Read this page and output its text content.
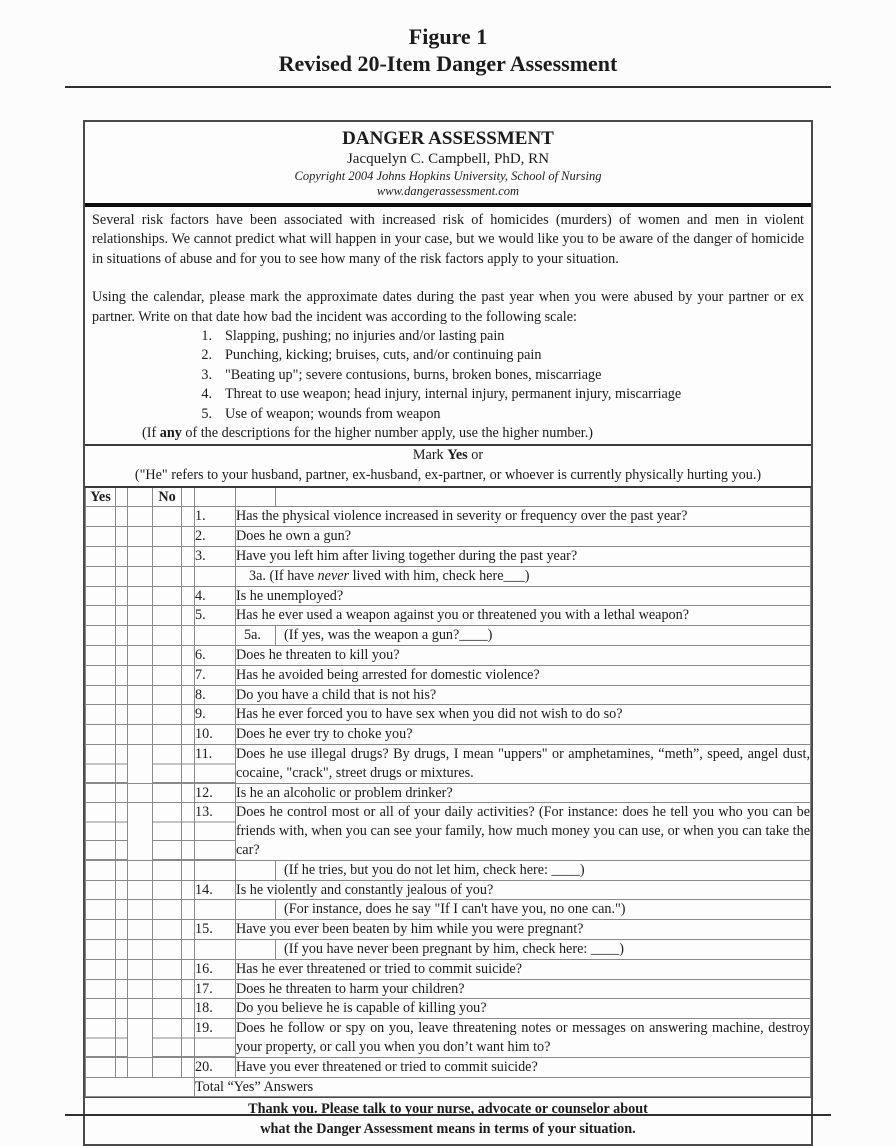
Figure 1
Revised 20-Item Danger Assessment
DANGER ASSESSMENT
Jacquelyn C. Campbell, PhD, RN
Copyright 2004 Johns Hopkins University, School of Nursing
www.dangerassessment.com

Several risk factors have been associated with increased risk of homicides (murders) of women and men in violent relationships. We cannot predict what will happen in your case, but we would like you to be aware of the danger of homicide in situations of abuse and for you to see how many of the risk factors apply to your situation.

Using the calendar, please mark the approximate dates during the past year when you were abused by your partner or ex partner. Write on that date how bad the incident was according to the following scale:

1. Slapping, pushing; no injuries and/or lasting pain
2. Punching, kicking; bruises, cuts, and/or continuing pain
3. "Beating up"; severe contusions, burns, broken bones, miscarriage
4. Threat to use weapon; head injury, internal injury, permanent injury, miscarriage
5. Use of weapon; wounds from weapon
(If any of the descriptions for the higher number apply, use the higher number.)
Mark Yes or
("He" refers to your husband, partner, ex-husband, ex-partner, or whoever is currently physically hurting you.)
Yes			No			

					1.	Has the physical violence increased in severity or frequency over the past year?
					2.	Does he own a gun?
					3.	Have you left him after living together during the past year?
						3a. (If have never lived with him, check here___)
					4.	Is he unemployed?
					5.	Has he ever used a weapon against you or threatened you with a lethal weapon?

						5a. (If yes, was the weapon a gun?____)

					6.	Does he threaten to kill you?
					7.	Has he avoided being arrested for domestic violence?
					8.	Do you have a child that is not his?
					9.	Has he ever forced you to have sex when you did not wish to do so?
					10.	Does he ever try to choke you?
					11.	Does he use illegal drugs? By drugs, I mean "uppers" or amphetamines, “meth”, speed, angel dust, cocaine, "crack", street drugs or mixtures.
					12.	Is he an alcoholic or problem drinker?
					13.	Does he control most or all of your daily activities? (For instance: does he tell you who you can be friends with, when you can see your family, how much money you can use, or when you can take the car?

						(If he tries, but you do not let him, check here: ____)

					14.	Is he violently and constantly jealous of you?

						(For instance, does he say "If I can't have you, no one can.")

					15.	Have you ever been beaten by him while you were pregnant?

						(If you have never been pregnant by him, check here: ____)

					16.	Has he ever threatened or tried to commit suicide?
					17.	Does he threaten to harm your children?
					18.	Do you believe he is capable of killing you?
					19.	Does he follow or spy on you, leave threatening notes or messages on answering machine, destroy your property, or call you when you don’t want him to?
					20.	Have you ever threatened or tried to commit suicide?
					Total “Yes” Answers	
Thank you. Please talk to your nurse, advocate or counselor about
what the Danger Assessment means in terms of your situation.
